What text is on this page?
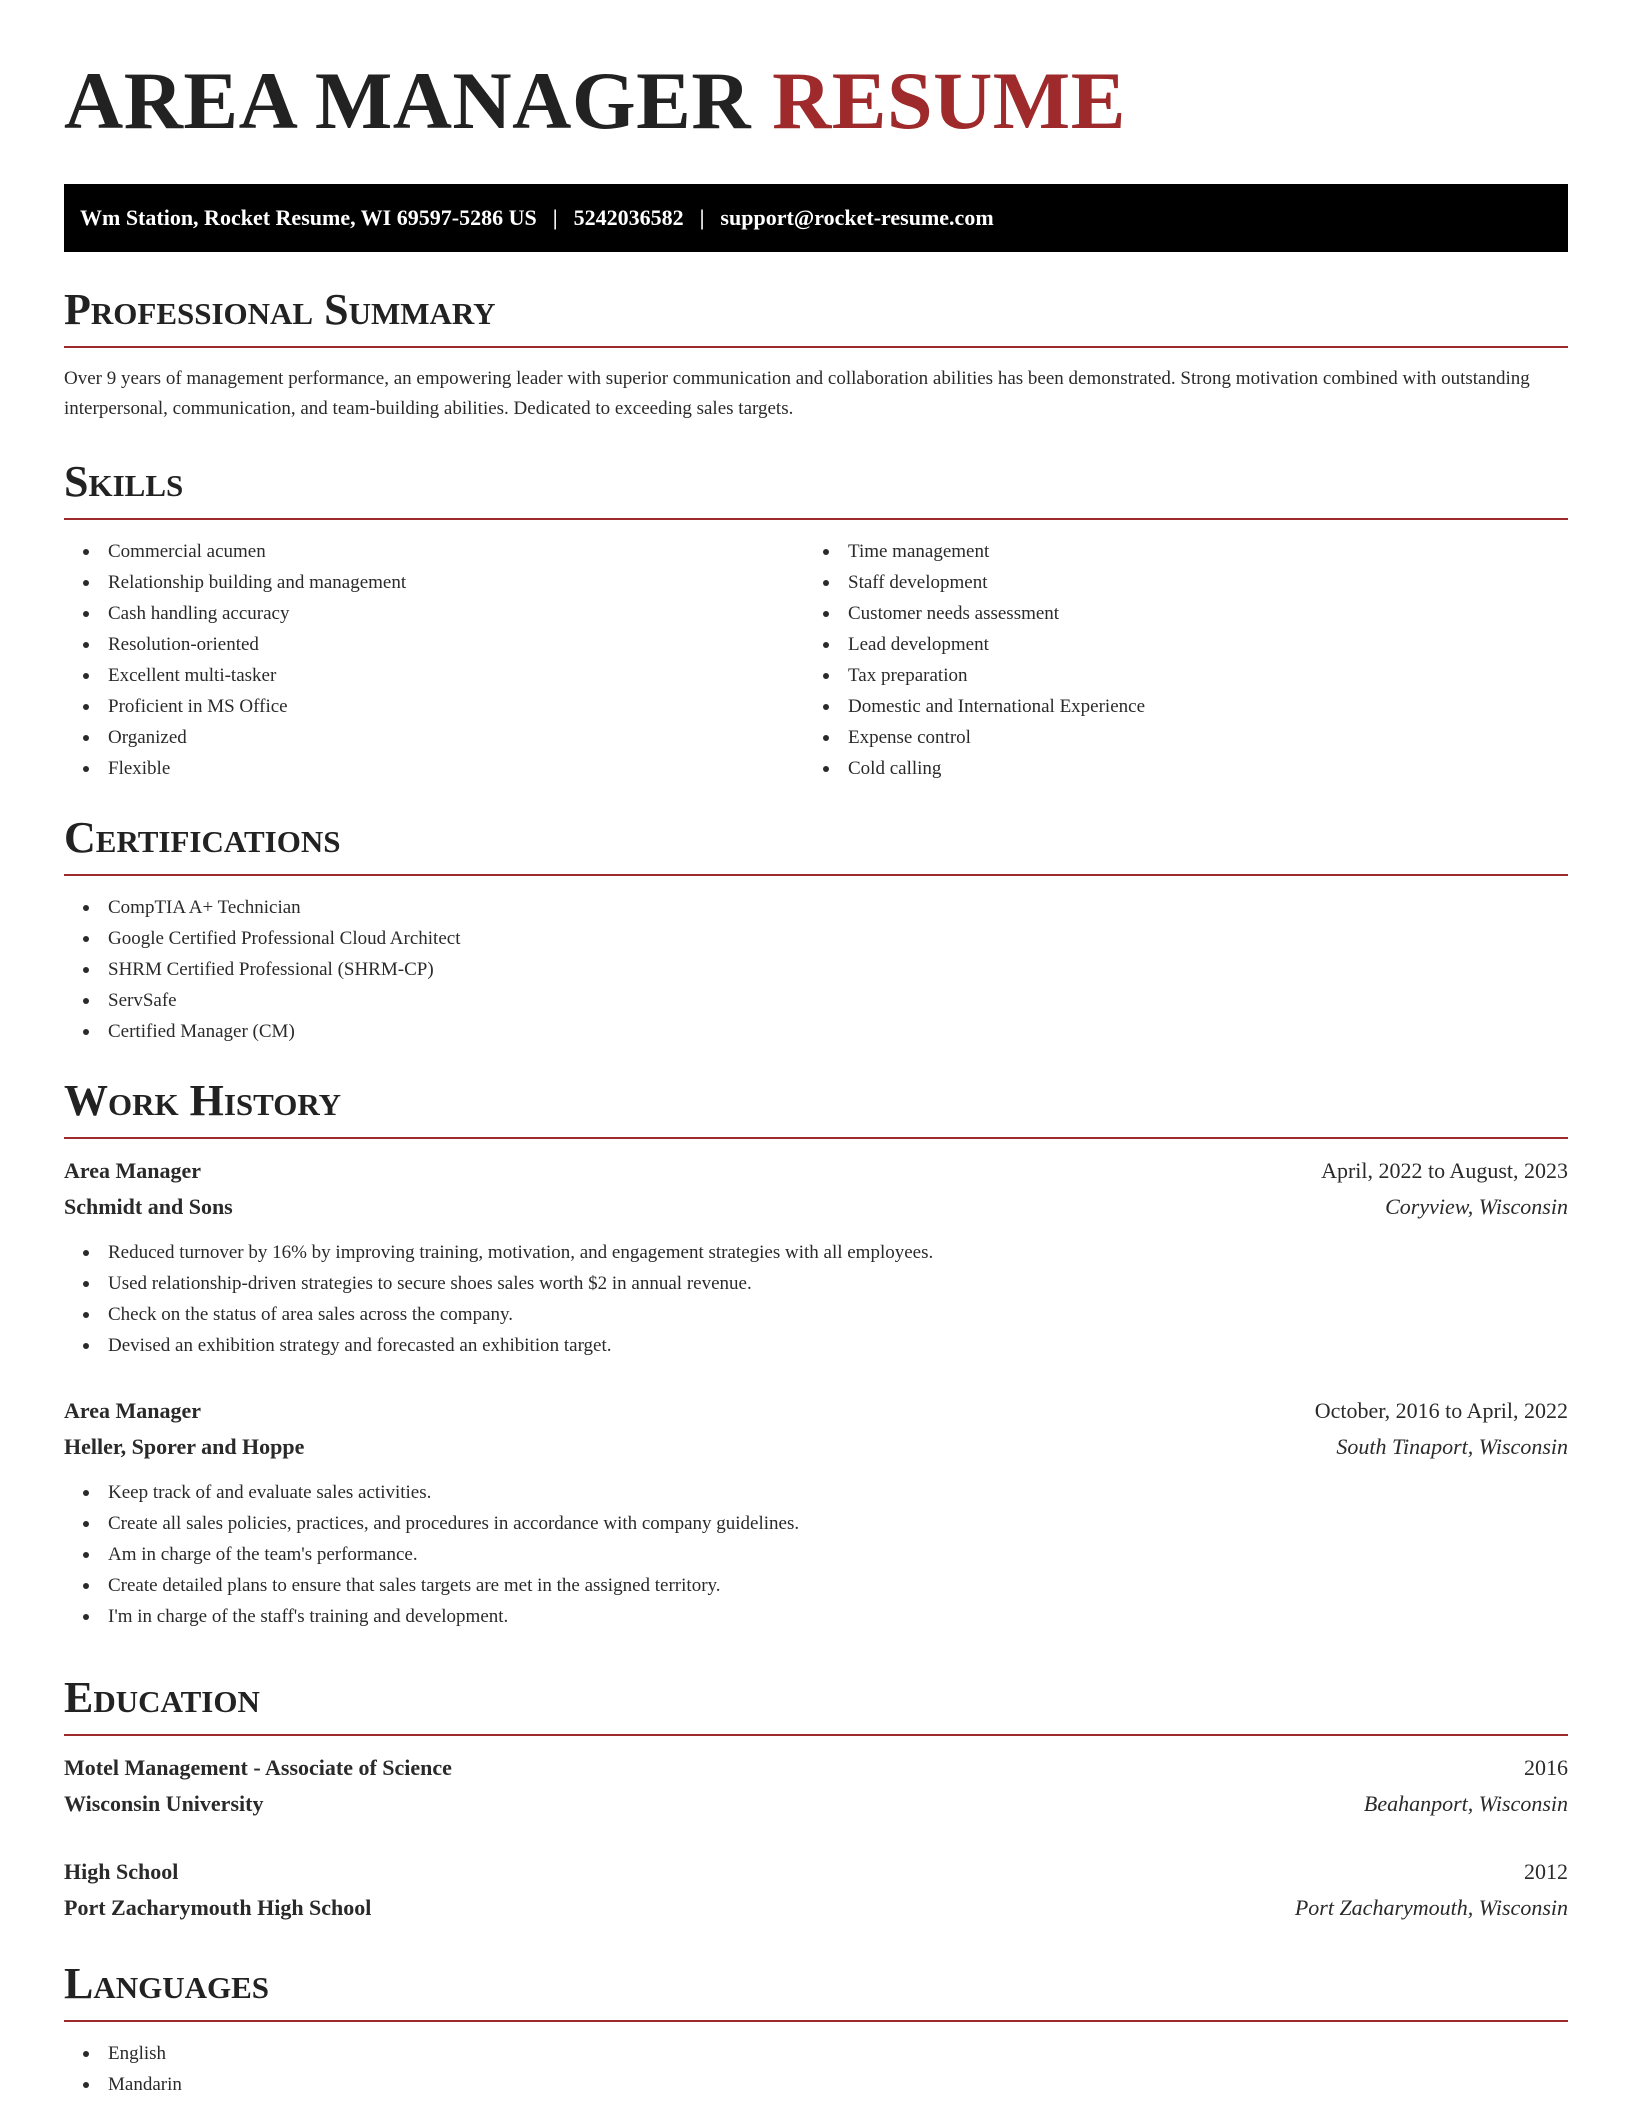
AREA MANAGER RESUME
Wm Station, Rocket Resume, WI 69597-5286 US | 5242036582 | support@rocket-resume.com
Professional Summary
Over 9 years of management performance, an empowering leader with superior communication and collaboration abilities has been demonstrated. Strong motivation combined with outstanding interpersonal, communication, and team-building abilities. Dedicated to exceeding sales targets.
Skills
Commercial acumen
Relationship building and management
Cash handling accuracy
Resolution-oriented
Excellent multi-tasker
Proficient in MS Office
Organized
Flexible
Time management
Staff development
Customer needs assessment
Lead development
Tax preparation
Domestic and International Experience
Expense control
Cold calling
Certifications
CompTIA A+ Technician
Google Certified Professional Cloud Architect
SHRM Certified Professional (SHRM-CP)
ServSafe
Certified Manager (CM)
Work History
Area Manager	April, 2022 to August, 2023
Schmidt and Sons	Coryview, Wisconsin
Reduced turnover by 16% by improving training, motivation, and engagement strategies with all employees.
Used relationship-driven strategies to secure shoes sales worth $2 in annual revenue.
Check on the status of area sales across the company.
Devised an exhibition strategy and forecasted an exhibition target.
Area Manager	October, 2016 to April, 2022
Heller, Sporer and Hoppe	South Tinaport, Wisconsin
Keep track of and evaluate sales activities.
Create all sales policies, practices, and procedures in accordance with company guidelines.
Am in charge of the team's performance.
Create detailed plans to ensure that sales targets are met in the assigned territory.
I'm in charge of the staff's training and development.
Education
Motel Management - Associate of Science	2016
Wisconsin University	Beahanport, Wisconsin
High School	2012
Port Zacharymouth High School	Port Zacharymouth, Wisconsin
Languages
English
Mandarin
